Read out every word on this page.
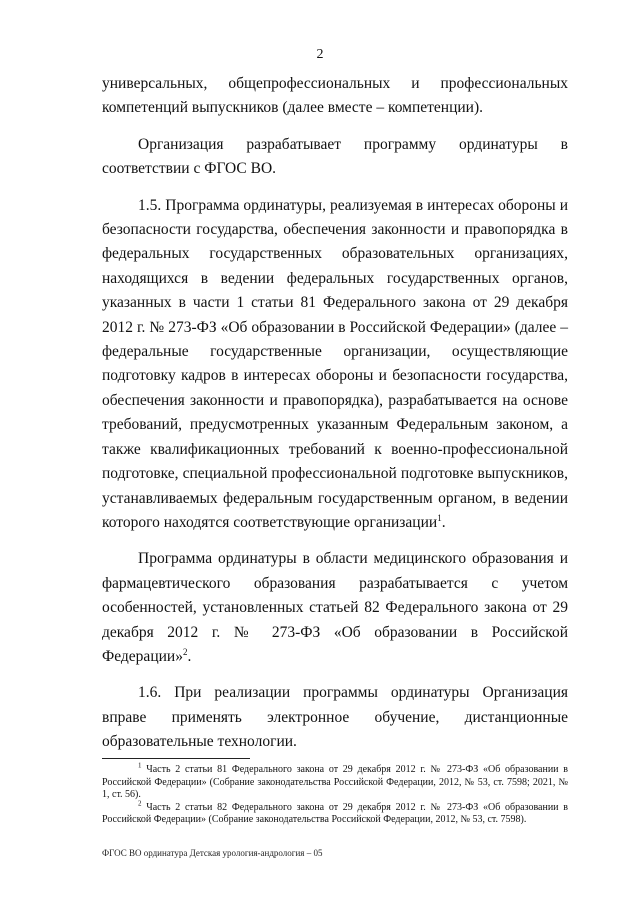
2

универсальных, общепрофессиональных и профессиональных компетенций выпускников (далее вместе – компетенции).

Организация разрабатывает программу ординатуры в соответствии с ФГОС ВО.

1.5. Программа ординатуры, реализуемая в интересах обороны и безопасности государства, обеспечения законности и правопорядка в федеральных государственных образовательных организациях, находящихся в ведении федеральных государственных органов, указанных в части 1 статьи 81 Федерального закона от 29 декабря 2012 г. № 273-ФЗ «Об образовании в Российской Федерации» (далее – федеральные государственные организации, осуществляющие подготовку кадров в интересах обороны и безопасности государства, обеспечения законности и правопорядка), разрабатывается на основе требований, предусмотренных указанным Федеральным законом, а также квалификационных требований к военно-профессиональной подготовке, специальной профессиональной подготовке выпускников, устанавливаемых федеральным государственным органом, в ведении которого находятся соответствующие организации$^1$.

Программа ординатуры в области медицинского образования и фармацевтического образования разрабатывается с учетом особенностей, установленных статьей 82 Федерального закона от 29 декабря 2012 г. № 273-ФЗ «Об образовании в Российской Федерации»$^2$.

1.6. При реализации программы ординатуры Организация вправе применять электронное обучение, дистанционные образовательные технологии.

$^1$ Часть 2 статьи 81 Федерального закона от 29 декабря 2012 г. № 273-ФЗ «Об образовании в Российской Федерации» (Собрание законодательства Российской Федерации, 2012, № 53, ст. 7598; 2021, № 1, ст. 56).

$^2$ Часть 2 статьи 82 Федерального закона от 29 декабря 2012 г. № 273-ФЗ «Об образовании в Российской Федерации» (Собрание законодательства Российской Федерации, 2012, № 53, ст. 7598).

ФГОС ВО ординатура Детская урология-андрология – 05
